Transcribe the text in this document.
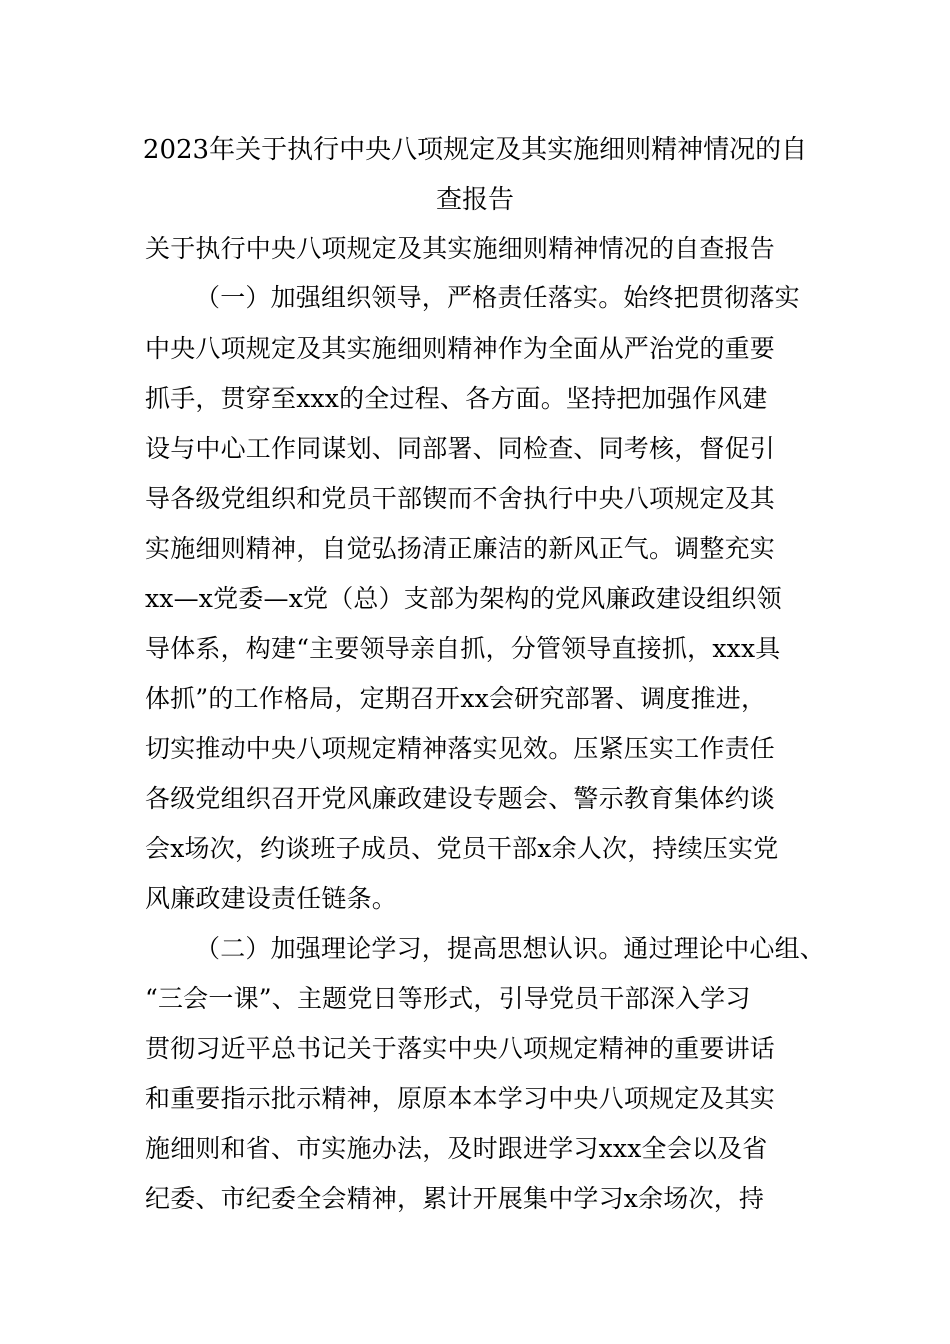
2023年关于执行中央八项规定及其实施细则精神情况的自
查报告
关于执行中央八项规定及其实施细则精神情况的自查报告
（一）加强组织领导，严格责任落实。始终把贯彻落实
中央八项规定及其实施细则精神作为全面从严治党的重要
抓手，贯穿至xxx的全过程、各方面。坚持把加强作风建
设与中心工作同谋划、同部署、同检查、同考核，督促引
导各级党组织和党员干部锲而不舍执行中央八项规定及其
实施细则精神，自觉弘扬清正廉洁的新风正气。调整充实
xx—x党委—x党（总）支部为架构的党风廉政建设组织领
导体系，构建“主要领导亲自抓，分管领导直接抓，xxx具
体抓”的工作格局，定期召开xx会研究部署、调度推进，
切实推动中央八项规定精神落实见效。压紧压实工作责任
各级党组织召开党风廉政建设专题会、警示教育集体约谈
会x场次，约谈班子成员、党员干部x余人次，持续压实党
风廉政建设责任链条。
（二）加强理论学习，提高思想认识。通过理论中心组、
“三会一课”、主题党日等形式，引导党员干部深入学习
贯彻习近平总书记关于落实中央八项规定精神的重要讲话
和重要指示批示精神，原原本本学习中央八项规定及其实
施细则和省、市实施办法，及时跟进学习xxx全会以及省
纪委、市纪委全会精神，累计开展集中学习x余场次，持
